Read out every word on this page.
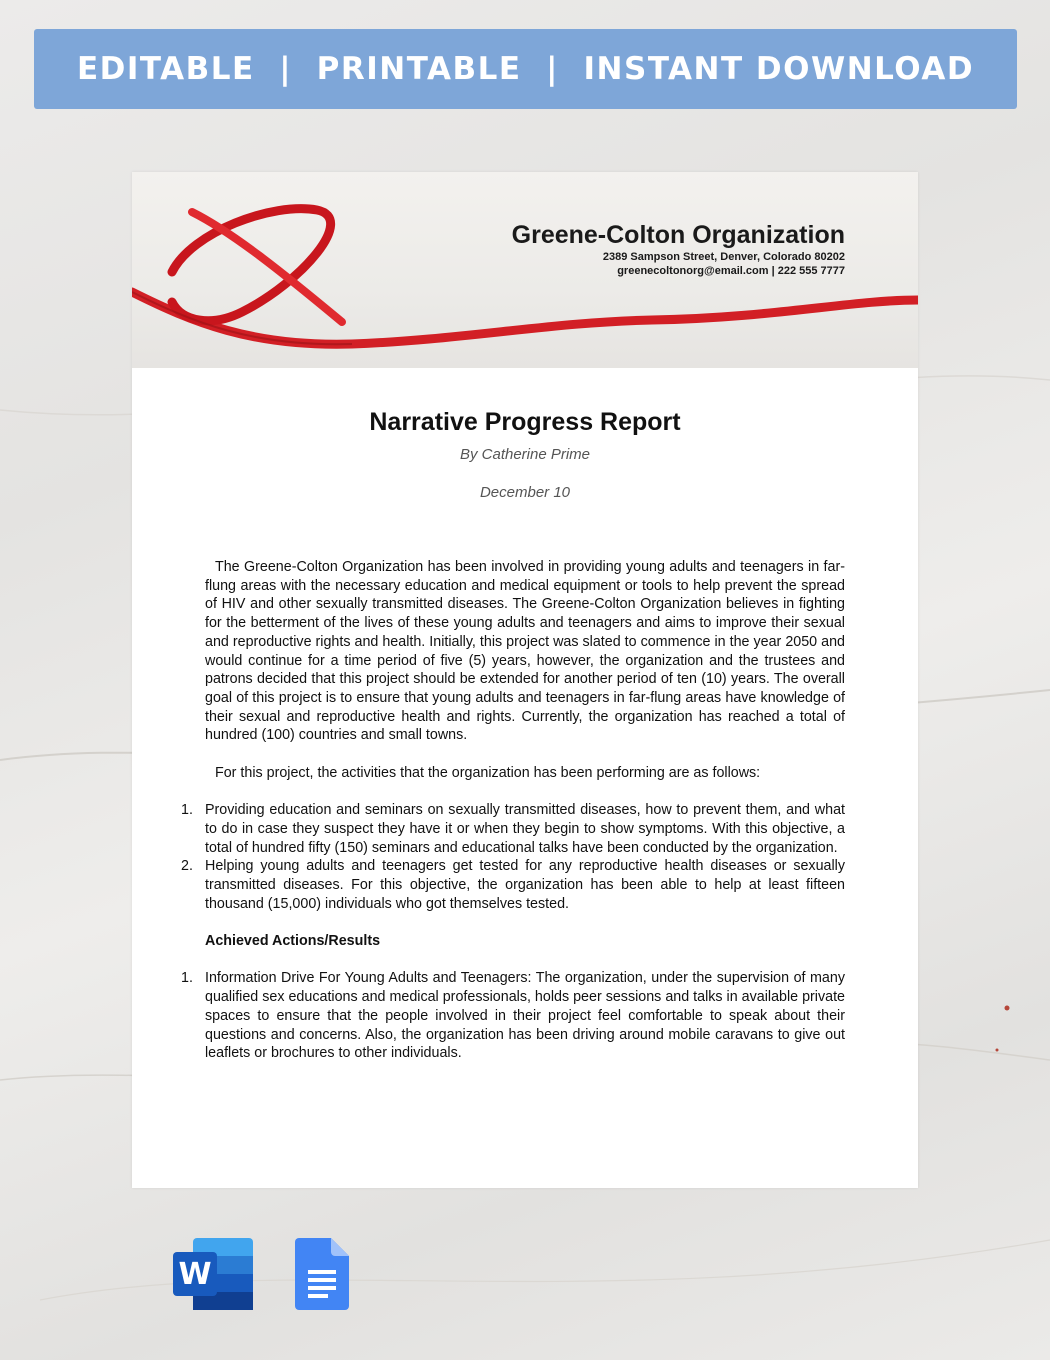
EDITABLE  |  PRINTABLE  |  INSTANT DOWNLOAD
Greene-Colton Organization
2389 Sampson Street, Denver, Colorado 80202
greenecoltonorg@email.com | 222 555 7777
Narrative Progress Report
By Catherine Prime
December 10

The Greene-Colton Organization has been involved in providing young adults and teenagers in far-flung areas with the necessary education and medical equipment or tools to help prevent the spread of HIV and other sexually transmitted diseases. The Greene-Colton Organization believes in fighting for the betterment of the lives of these young adults and teenagers and aims to improve their sexual and reproductive rights and health. Initially, this project was slated to commence in the year 2050 and would continue for a time period of five (5) years, however, the organization and the trustees and patrons decided that this project should be extended for another period of ten (10) years. The overall goal of this project is to ensure that young adults and teenagers in far-flung areas have knowledge of their sexual and reproductive health and rights. Currently, the organization has reached a total of hundred (100) countries and small towns.

For this project, the activities that the organization has been performing are as follows:

1. Providing education and seminars on sexually transmitted diseases, how to prevent them, and what to do in case they suspect they have it or when they begin to show symptoms. With this objective, a total of hundred fifty (150) seminars and educational talks have been conducted by the organization.
2. Helping young adults and teenagers get tested for any reproductive health diseases or sexually transmitted diseases. For this objective, the organization has been able to help at least fifteen thousand (15,000) individuals who got themselves tested.

Achieved Actions/Results

1. Information Drive For Young Adults and Teenagers: The organization, under the supervision of many qualified sex educations and medical professionals, holds peer sessions and talks in available private spaces to ensure that the people involved in their project feel comfortable to speak about their questions and concerns. Also, the organization has been driving around mobile caravans to give out leaflets or brochures to other individuals.
W
